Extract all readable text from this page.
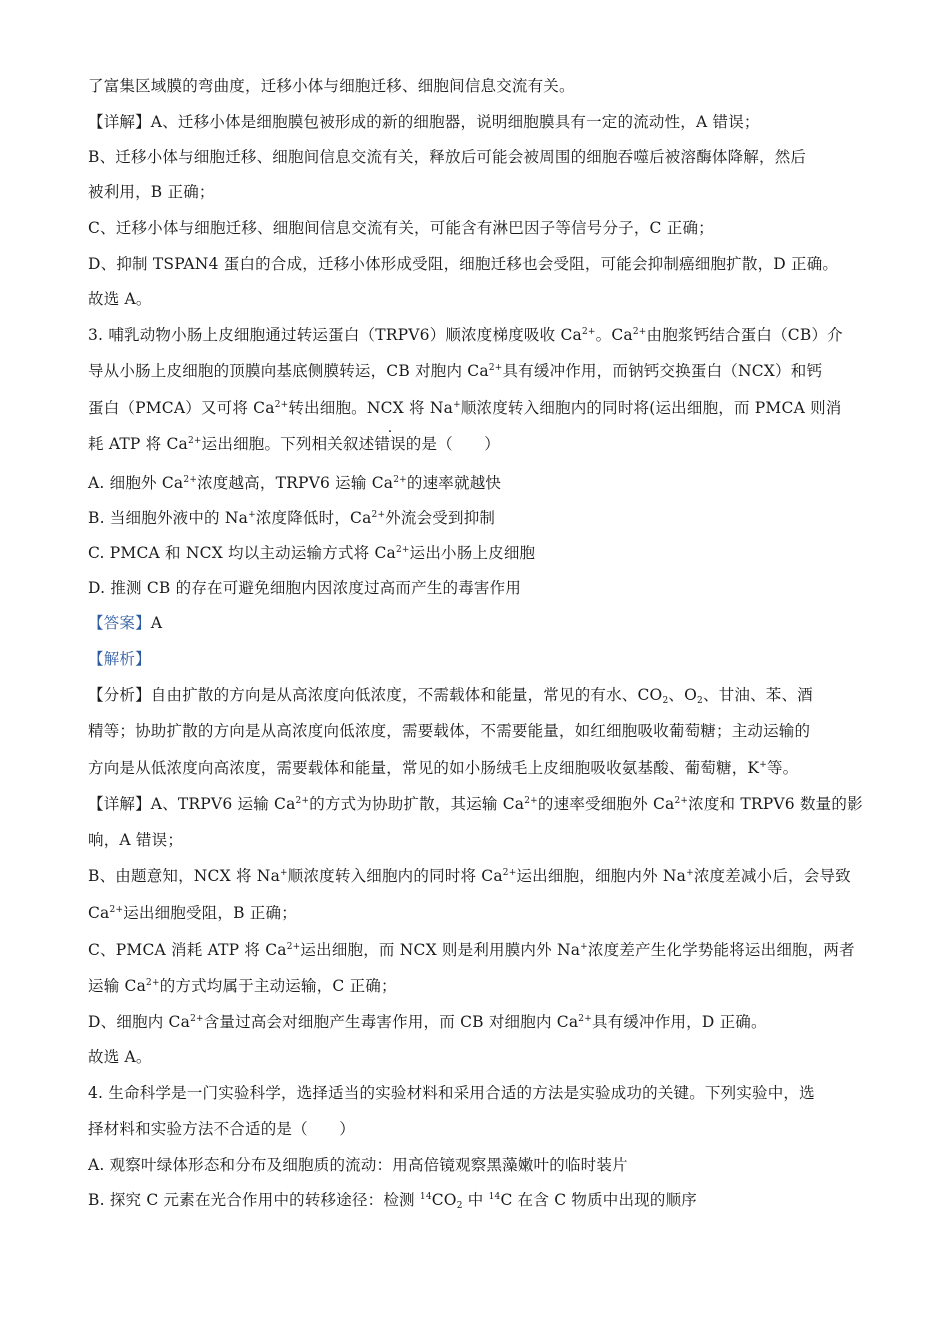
了富集区域膜的弯曲度，迁移小体与细胞迁移、细胞间信息交流有关。
【详解】A、迁移小体是细胞膜包被形成的新的细胞器，说明细胞膜具有一定的流动性，A 错误；
B、迁移小体与细胞迁移、细胞间信息交流有关，释放后可能会被周围的细胞吞噬后被溶酶体降解，然后
被利用，B 正确；
C、迁移小体与细胞迁移、细胞间信息交流有关，可能含有淋巴因子等信号分子，C 正确；
D、抑制 TSPAN4 蛋白的合成，迁移小体形成受阻，细胞迁移也会受阻，可能会抑制癌细胞扩散，D 正确。
故选 A。
3. 哺乳动物小肠上皮细胞通过转运蛋白（TRPV6）顺浓度梯度吸收 $Ca^{2+}$。$Ca^{2+}$由胞浆钙结合蛋白（CB）介
导从小肠上皮细胞的顶膜向基底侧膜转运，CB 对胞内 $Ca^{2+}$具有缓冲作用，而钠钙交换蛋白（NCX）和钙
蛋白（PMCA）又可将 $Ca^{2+}$转出细胞。NCX 将 Na+顺浓度转入细胞内的同时将(运出细胞，而 PMCA 则消
耗 ATP 将 $Ca^{2+}$运出细胞。下列相关叙述错误的是（　　）
A. 细胞外 $Ca^{2+}$浓度越高，TRPV6 运输 $Ca^{2+}$的速率就越快
B. 当细胞外液中的 Na+浓度降低时，$Ca^{2+}$外流会受到抑制
C. PMCA 和 NCX 均以主动运输方式将 $Ca^{2+}$运出小肠上皮细胞
D. 推测 CB 的存在可避免细胞内因浓度过高而产生的毒害作用
【答案】A
【解析】
【分析】自由扩散的方向是从高浓度向低浓度，不需载体和能量，常见的有水、$CO_2$、$O_2$、甘油、苯、酒
精等；协助扩散的方向是从高浓度向低浓度，需要载体，不需要能量，如红细胞吸收葡萄糖；主动运输的
方向是从低浓度向高浓度，需要载体和能量，常见的如小肠绒毛上皮细胞吸收氨基酸、葡萄糖，K+等。
【详解】A、TRPV6 运输 $Ca^{2+}$的方式为协助扩散，其运输 $Ca^{2+}$的速率受细胞外 $Ca^{2+}$浓度和 TRPV6 数量的影
响，A 错误；
B、由题意知，NCX 将 Na+顺浓度转入细胞内的同时将 $Ca^{2+}$运出细胞，细胞内外 Na+浓度差减小后，会导致
$Ca^{2+}$运出细胞受阻，B 正确；
C、PMCA 消耗 ATP 将 $Ca^{2+}$运出细胞，而 NCX 则是利用膜内外 Na+浓度差产生化学势能将运出细胞，两者
运输 $Ca^{2+}$的方式均属于主动运输，C 正确；
D、细胞内 $Ca^{2+}$含量过高会对细胞产生毒害作用，而 CB 对细胞内 $Ca^{2+}$具有缓冲作用，D 正确。
故选 A。
4. 生命科学是一门实验科学，选择适当的实验材料和采用合适的方法是实验成功的关键。下列实验中，选
择材料和实验方法不合适的是（　　）
A. 观察叶绿体形态和分布及细胞质的流动：用高倍镜观察黑藻嫩叶的临时装片
B. 探究 C 元素在光合作用中的转移途径：检测 $^{14}CO_2$ 中 $^{14}$C 在含 C 物质中出现的顺序
